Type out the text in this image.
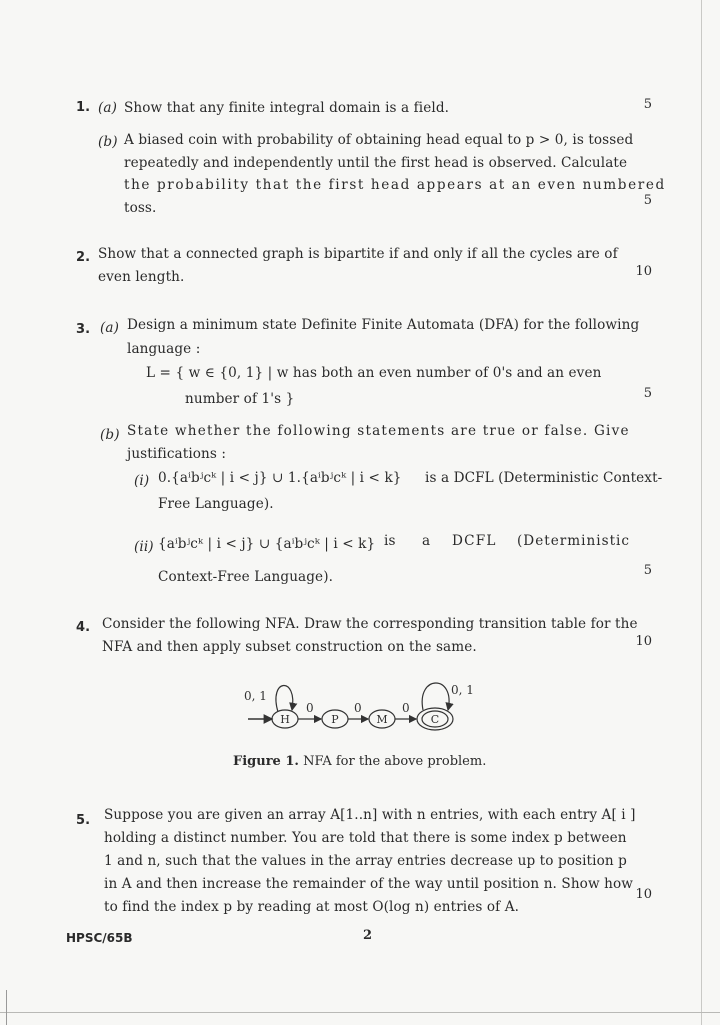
1. (a) Show that any finite integral domain is a field.	5
(b) A biased coin with probability of obtaining head equal to p > 0, is tossed
repeatedly and independently until the first head is observed. Calculate
the probability that the first head appears at an even numbered
toss.	5
2. Show that a connected graph is bipartite if and only if all the cycles are of
even length.	10
3. (a) Design a minimum state Definite Finite Automata (DFA) for the following
language :
L = { w ∈ {0, 1} | w has both an even number of 0's and an even
number of 1's }	5
(b) State whether the following statements are true or false. Give
justifications :
(i) 0.{aⁱbʲcᵏ | i < j} ∪ 1.{aⁱbʲcᵏ | i < k} is a DCFL (Deterministic Context-
Free Language).
(ii) {aⁱbʲcᵏ | i < j} ∪ {aⁱbʲcᵏ | i < k} is a DCFL (Deterministic
Context-Free Language).	5
4. Consider the following NFA. Draw the corresponding transition table for the
NFA and then apply subset construction on the same.	10
0, 1
H
0
P
0
M
0
C
0, 1
Figure 1. NFA for the above problem.
5. Suppose you are given an array A[1..n] with n entries, with each entry A[ i ]
holding a distinct number. You are told that there is some index p between
1 and n, such that the values in the array entries decrease up to position p
in A and then increase the remainder of the way until position n. Show how
to find the index p by reading at most O(log n) entries of A.
10
HPSC/65B	2
